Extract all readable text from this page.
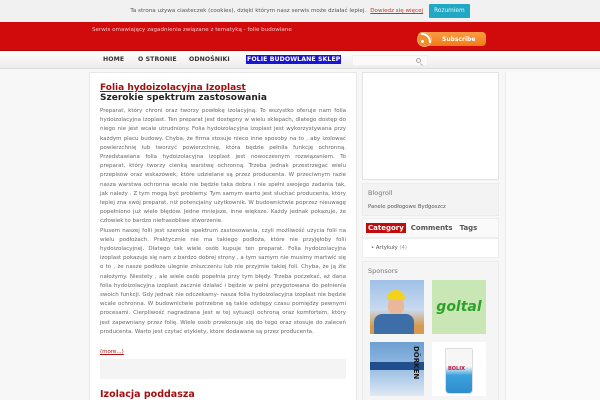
Serwis omawiający zagadnienia związane z tematyką - folie budowlane
Subscribe
Ta strona używa ciasteczek (cookies), dzięki którym nasz serwis może działać lepiej. Dowiedz się więcej	Rozumiem
HOME O STRONIE ODNOŚNIKI	FOLIE BUDOWLANE SKLEP
Folia hydoizolacyjna Izoplast
Szerokie spektrum zastosowania

Preparat, który chroni oraz tworzy powłokę izolacyjną. To wszystko oferuje nam folia hydoizolacyjna izoplast. Ten preparat jest dostępny w wielu sklepach, dlatego dostęp do niego nie jest wcale utrudniony. Folia hydoizolacyjna izoplast jest wykorzystywana przy każdym placu budowy. Chyba, że firma stosuje nieco inne sposoby na to , aby izolować powierzchnię lub tworzyć powierzchnię, która będzie pełniła funkcję ochronną. Przedstawiana folia hydoizolacyjna izoplast jest nowoczesnym rozwiązaniem. To preparat, który tworzy cienką warstwę ochronną. Trzeba jednak przestrzegać wielu przepisów oraz wskazówek, które udzielane są przez producenta. W przeciwnym razie nasza warstwa ochronna wcale nie będzie taka dobra i nie spełni swojego zadania tak, jak należy . Z tym mogą być problemy. Tym samym warto jest słuchać producenta, który lepiej zna swój preparat, niż potencjalny użytkownik. W budownictwie poprzez nieuwagę popełniono już wiele błędów. Jedne mniejsze, inne większe. Każdy jednak pokazuje, że człowiek to bardzo niefrasobliwe stworzenie.

Plusem naszej folii jest szerokie spektrum zastosowania, czyli możliwość użycia folii na wielu podłożach. Praktycznie nie ma takiego podłoża, które nie przyjęłoby folii hydoizolacyjnej. Dlatego tak wiele osób kupuje ten preparat. Folia hydoizolacyjna izoplast pokazuje się nam z bardzo dobrej strony , a tym samym nie musimy martwić się o to , że nasze podłoże ulegnie zniszczeniu lub nie przyjmie takiej foli. Chyba, że ją źle nałożymy. Niestety , ale wiele osób popełnia przy tym błędy. Trzeba poczekać, aż dana folia hydoizolacyjna izoplast zacznie działać i będzie w pełni przygotowana do pełnienia swoich funkcji. Gdy jednak nie odczekamy- nasza folia hydoizolacyjna izoplast nie będzie wcale ochronna. W budownictwie potrzebne są takie odstępy czasu pomiędzy pewnymi procesami. Cierpliwość nagradzana jest w tej sytuacji ochroną oraz komfortem, który jest zapewniany przez folię. Wiele osób przekonuje się do tego oraz stosuje do zaleceń producenta. Warto jest czytać etykiety, które dodawane są przez producenta.

(more...)
Izolacja poddasza
Blogroll
Panele podłogowe Bydgoszcz
Category Comments Tags
• Artykuły (4)
Sponsors
goltal
DÖRKEN	BOLIX
